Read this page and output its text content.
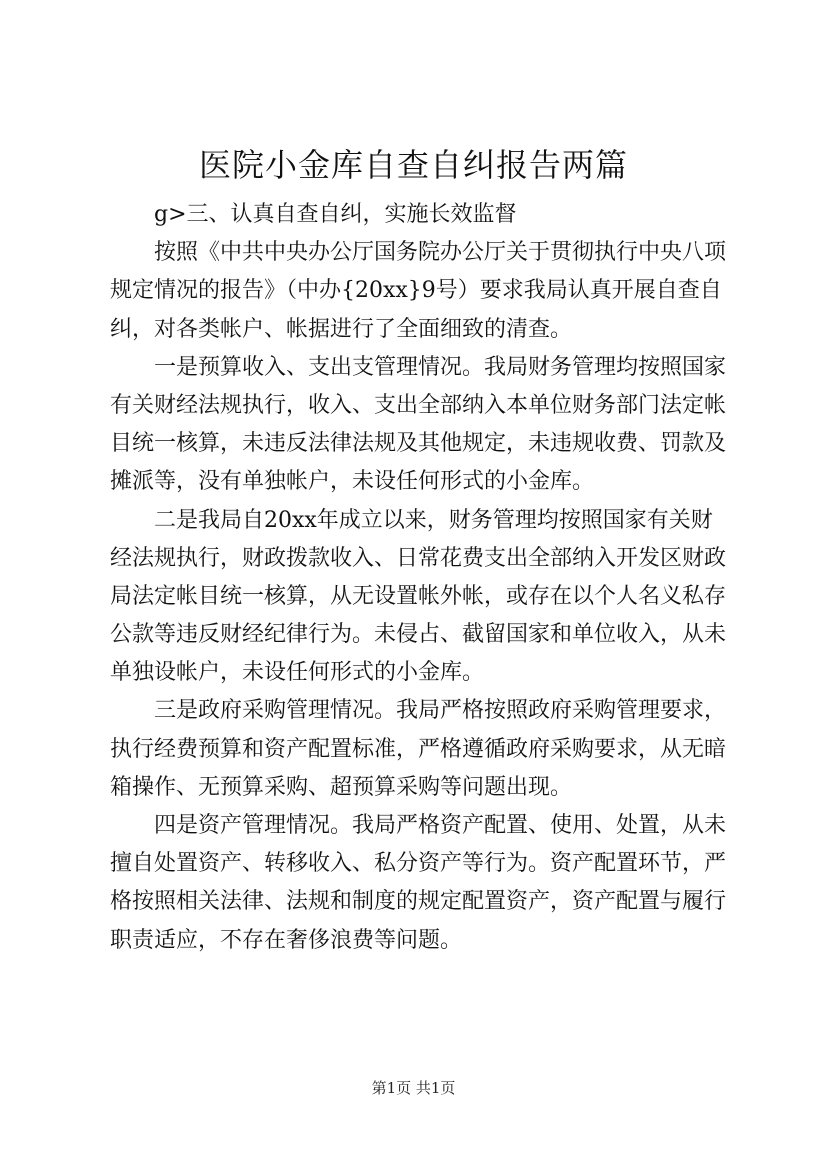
医院小金库自查自纠报告两篇
g>三、认真自查自纠，实施长效监督
按照《中共中央办公厅国务院办公厅关于贯彻执行中央八项
规定情况的报告》（中办{20xx}9号）要求我局认真开展自查自
纠，对各类帐户、帐据进行了全面细致的清查。
一是预算收入、支出支管理情况。我局财务管理均按照国家
有关财经法规执行，收入、支出全部纳入本单位财务部门法定帐
目统一核算，未违反法律法规及其他规定，未违规收费、罚款及
摊派等，没有单独帐户，未设任何形式的小金库。
二是我局自20xx年成立以来，财务管理均按照国家有关财
经法规执行，财政拨款收入、日常花费支出全部纳入开发区财政
局法定帐目统一核算，从无设置帐外帐，或存在以个人名义私存
公款等违反财经纪律行为。未侵占、截留国家和单位收入，从未
单独设帐户，未设任何形式的小金库。
三是政府采购管理情况。我局严格按照政府采购管理要求，
执行经费预算和资产配置标准，严格遵循政府采购要求，从无暗
箱操作、无预算采购、超预算采购等问题出现。
四是资产管理情况。我局严格资产配置、使用、处置，从未
擅自处置资产、转移收入、私分资产等行为。资产配置环节，严
格按照相关法律、法规和制度的规定配置资产，资产配置与履行
职责适应，不存在奢侈浪费等问题。
第1页 共1页
